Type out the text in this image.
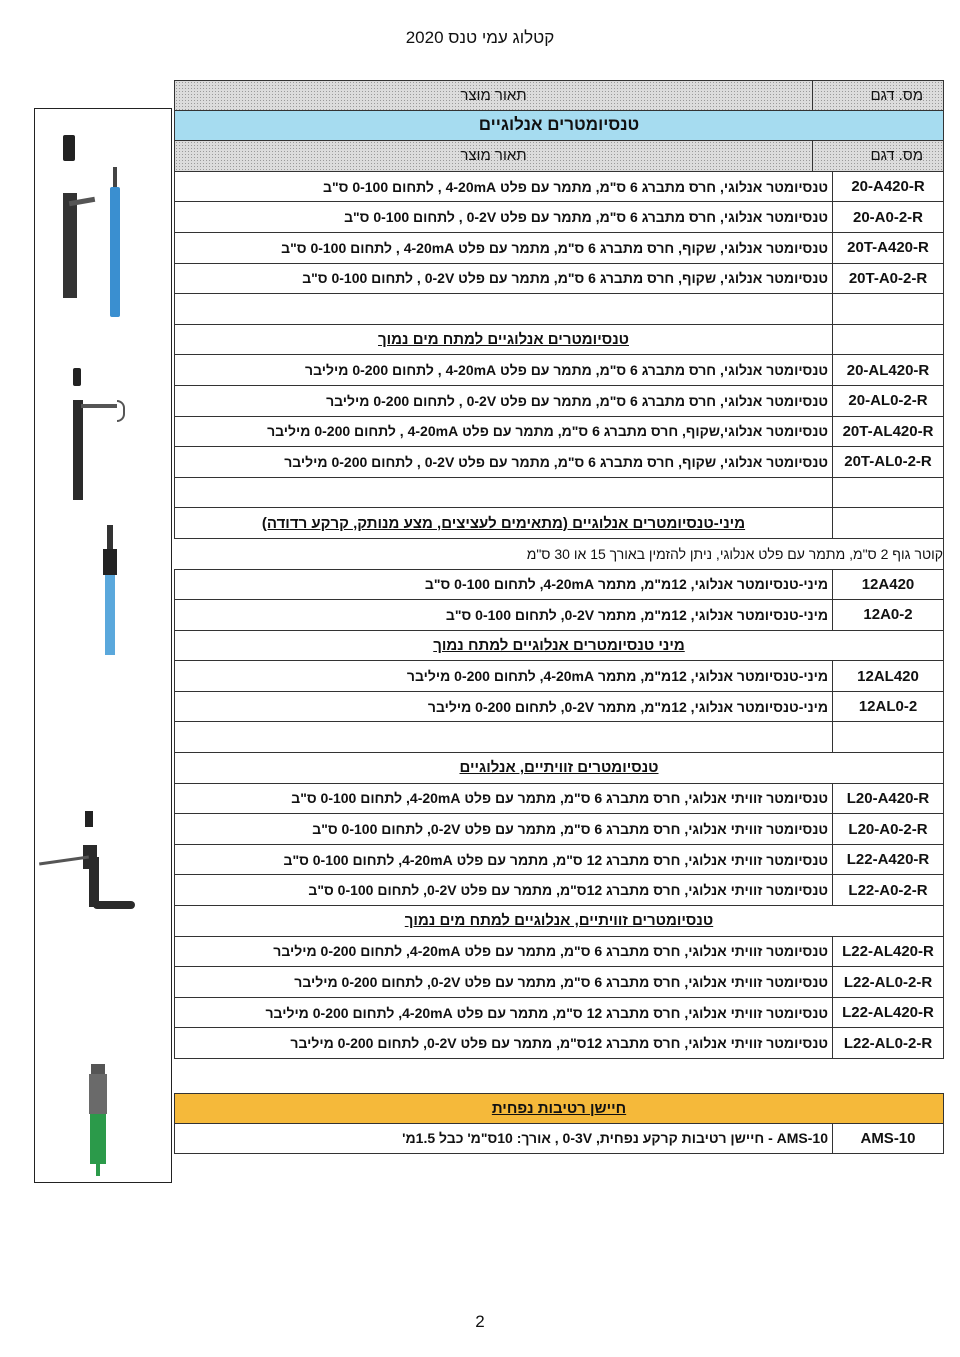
קטלוג עמי טנס 2020
מס. דגם
תאור מוצר
טנסיומטרים אנלוגיים
מס. דגם
תאור מוצר
20-A420-R
טנסיומטר אנלוגי, חרס מתברג 6 ס"מ, מתמר עם פלט 4-20mA , לתחום 0-100 ס"ב
20-A0-2-R
טנסיומטר אנלוגי, חרס מתברג 6 ס"מ, מתמר עם פלט 0-2V , לתחום 0-100 ס"ב
20T-A420-R
טנסיומטר אנלוגי, שקוף, חרס מתברג 6 ס"מ, מתמר עם פלט 4-20mA , לתחום 0-100 ס"ב
20T-A0-2-R
טנסיומטר אנלוגי, שקוף, חרס מתברג 6 ס"מ, מתמר עם פלט 0-2V , לתחום 0-100 ס"ב
טנסיומטרים אנלוגיים למתח מים נמוך
20-AL420-R
טנסיומטר אנלוגי, חרס מתברג 6 ס"מ, מתמר עם פלט 4-20mA , לתחום 0-200 מיליבר
20-AL0-2-R
טנסיומטר אנלוגי, חרס מתברג 6 ס"מ, מתמר עם פלט 0-2V , לתחום 0-200 מיליבר
20T-AL420-R
טנסיומטר אנלוגי,שקוף, חרס מתברג 6 ס"מ, מתמר עם פלט 4-20mA , לתחום 0-200 מיליבר
20T-AL0-2-R
טנסיומטר אנלוגי, שקוף, חרס מתברג 6 ס"מ, מתמר עם פלט 0-2V , לתחום 0-200 מיליבר
מיני-טנסיומטרים אנלוגיים (מתאימים לעציצים, מצע מנותק, קרקע רדודה)
קוטר גוף 2 ס"מ, מתמר עם פלט אנלוגי, ניתן להזמין באורך 15 או 30 ס"מ
12A420
מיני-טנסיומטר אנלוגי, 12מ"מ, מתמר 4-20mA, לתחום 0-100 ס"ב
12A0-2
מיני-טנסיומטר אנלוגי, 12מ"מ, מתמר 0-2V, לתחום 0-100 ס"ב
מיני טנסיומטרים אנלוגיים למתח נמוך
12AL420
מיני-טנסיומטר אנלוגי, 12מ"מ, מתמר 4-20mA, לתחום 0-200 מיליבר
12AL0-2
מיני-טנסיומטר אנלוגי, 12מ"מ, מתמר 0-2V, לתחום 0-200 מיליבר
טנסיומטרים זוויתיים, אנלוגיים
L20-A420-R
טנסיומטר זוויתי אנלוגי, חרס מתברג 6 ס"מ, מתמר עם פלט 4-20mA, לתחום 0-100 ס"ב
L20-A0-2-R
טנסיומטר זוויתי אנלוגי, חרס מתברג 6 ס"מ, מתמר עם פלט 0-2V, לתחום 0-100 ס"ב
L22-A420-R
טנסיומטר זוויתי אנלוגי, חרס מתברג 12 ס"מ, מתמר עם פלט 4-20mA, לתחום 0-100 ס"ב
L22-A0-2-R
טנסיומטר זוויתי אנלוגי, חרס מתברג 12ס"מ, מתמר עם פלט 0-2V, לתחום 0-100 ס"ב
טנסיומטרים זוויתיים, אנלוגיים למתח מים נמוך
L22-AL420-R
טנסיומטר זוויתי אנלוגי, חרס מתברג 6 ס"מ, מתמר עם פלט 4-20mA, לתחום 0-200 מיליבר
L22-AL0-2-R
טנסיומטר זוויתי אנלוגי, חרס מתברג 6 ס"מ, מתמר עם פלט 0-2V, לתחום 0-200 מיליבר
L22-AL420-R
טנסיומטר זוויתי אנלוגי, חרס מתברג 12 ס"מ, מתמר עם פלט 4-20mA, לתחום 0-200 מיליבר
L22-AL0-2-R
טנסיומטר זוויתי אנלוגי, חרס מתברג 12ס"מ, מתמר עם פלט 0-2V, לתחום 0-200 מיליבר
חיישן רטיבות נפחית
AMS-10
AMS-10 - חיישן רטיבות קרקע נפחית, 0-3V , אורך: 10ס"מ' כבל 1.5מ'
2
